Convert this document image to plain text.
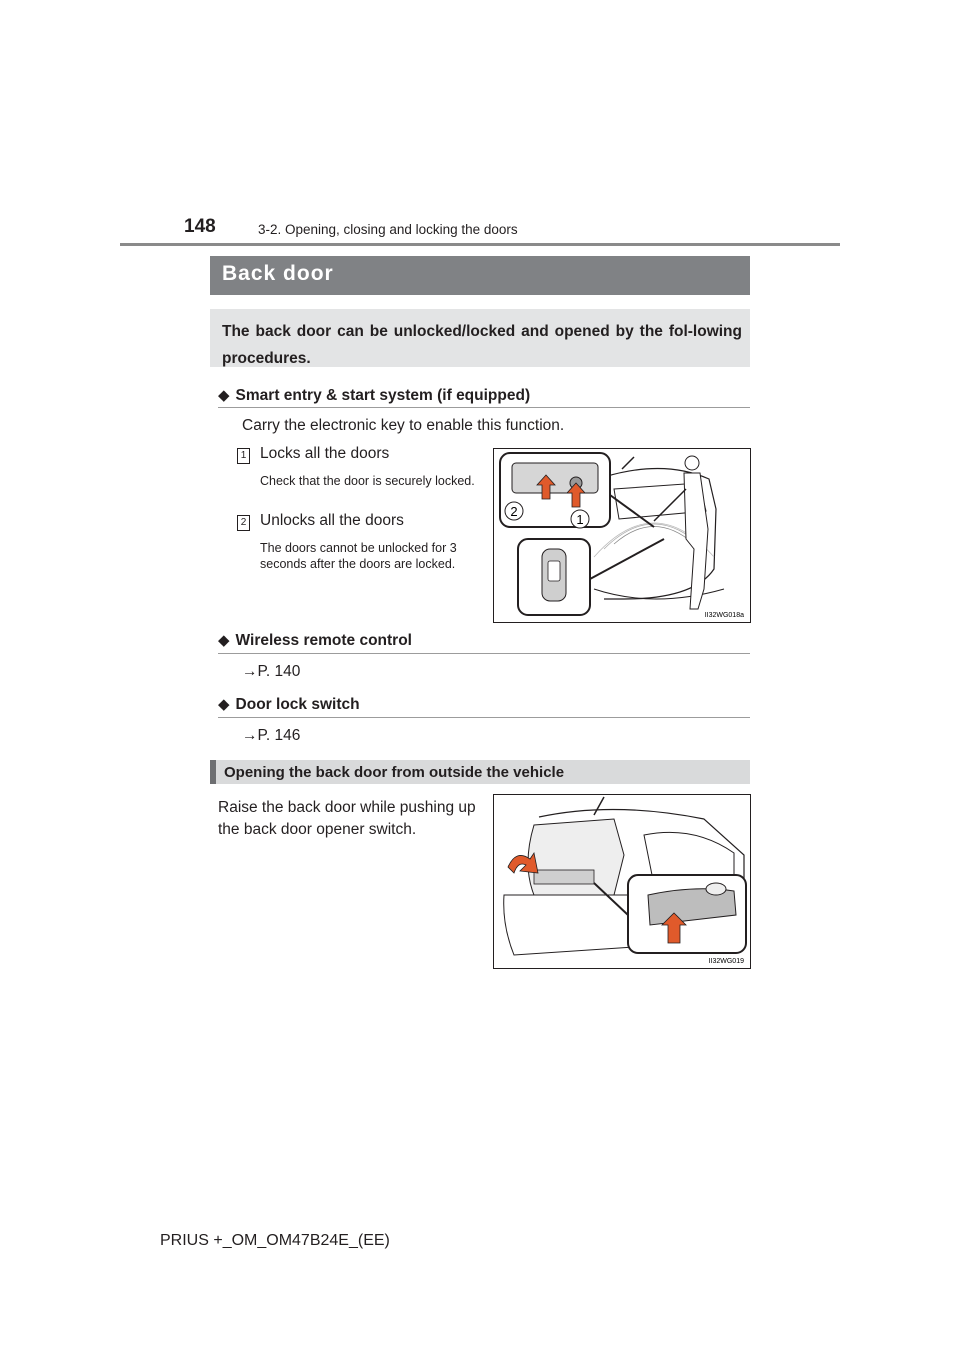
148	3-2. Opening, closing and locking the doors
Back door
The back door can be unlocked/locked and opened by the fol-lowing procedures.
◆ Smart entry & start system (if equipped)
Carry the electronic key to enable this function.
1 Locks all the doors
Check that the door is securely locked.
2 Unlocks all the doors
The doors cannot be unlocked for 3 seconds after the doors are locked.
2
1
II32WG018a
◆ Wireless remote control
→P. 140
◆ Door lock switch
→P. 146
Opening the back door from outside the vehicle
Raise the back door while pushing up the back door opener switch.
II32WG019
PRIUS +_OM_OM47B24E_(EE)
